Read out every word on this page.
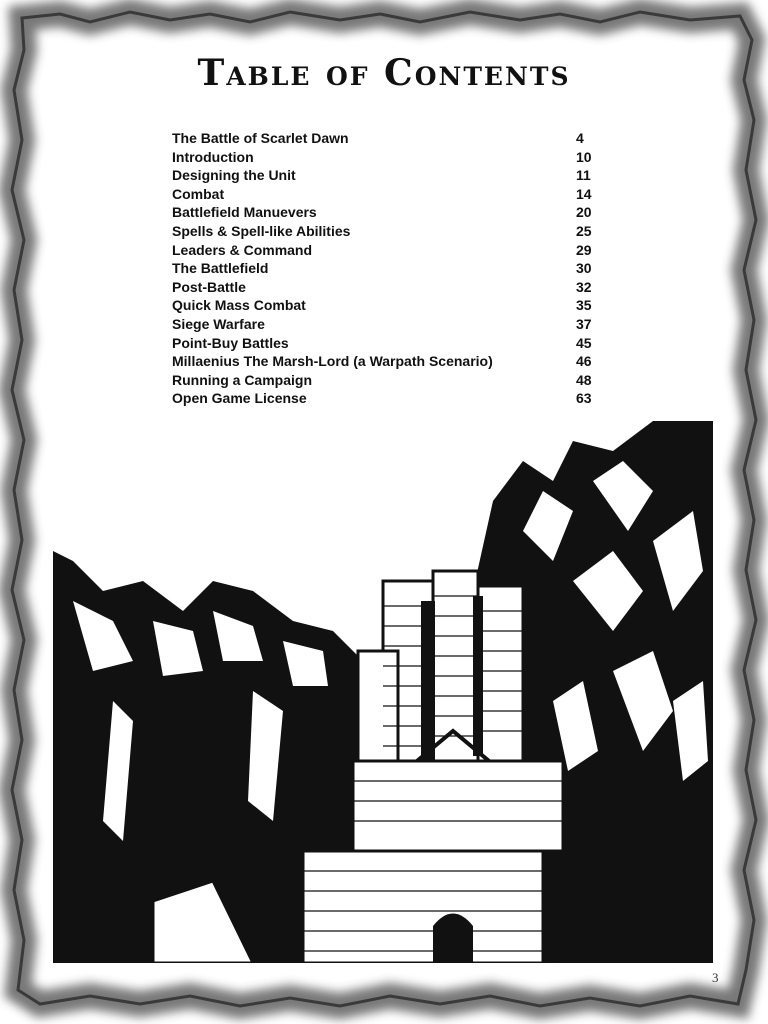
Table of Contents
The Battle of Scarlet Dawn	4
Introduction	10
Designing the Unit	11
Combat	14
Battlefield Manuevers	20
Spells & Spell-like Abilities	25
Leaders & Command	29
The Battlefield	30
Post-Battle	32
Quick Mass Combat	35
Siege Warfare	37
Point-Buy Battles	45
Millaenius The Marsh-Lord (a Warpath Scenario)	46
Running a Campaign	48
Open Game License	63
3
